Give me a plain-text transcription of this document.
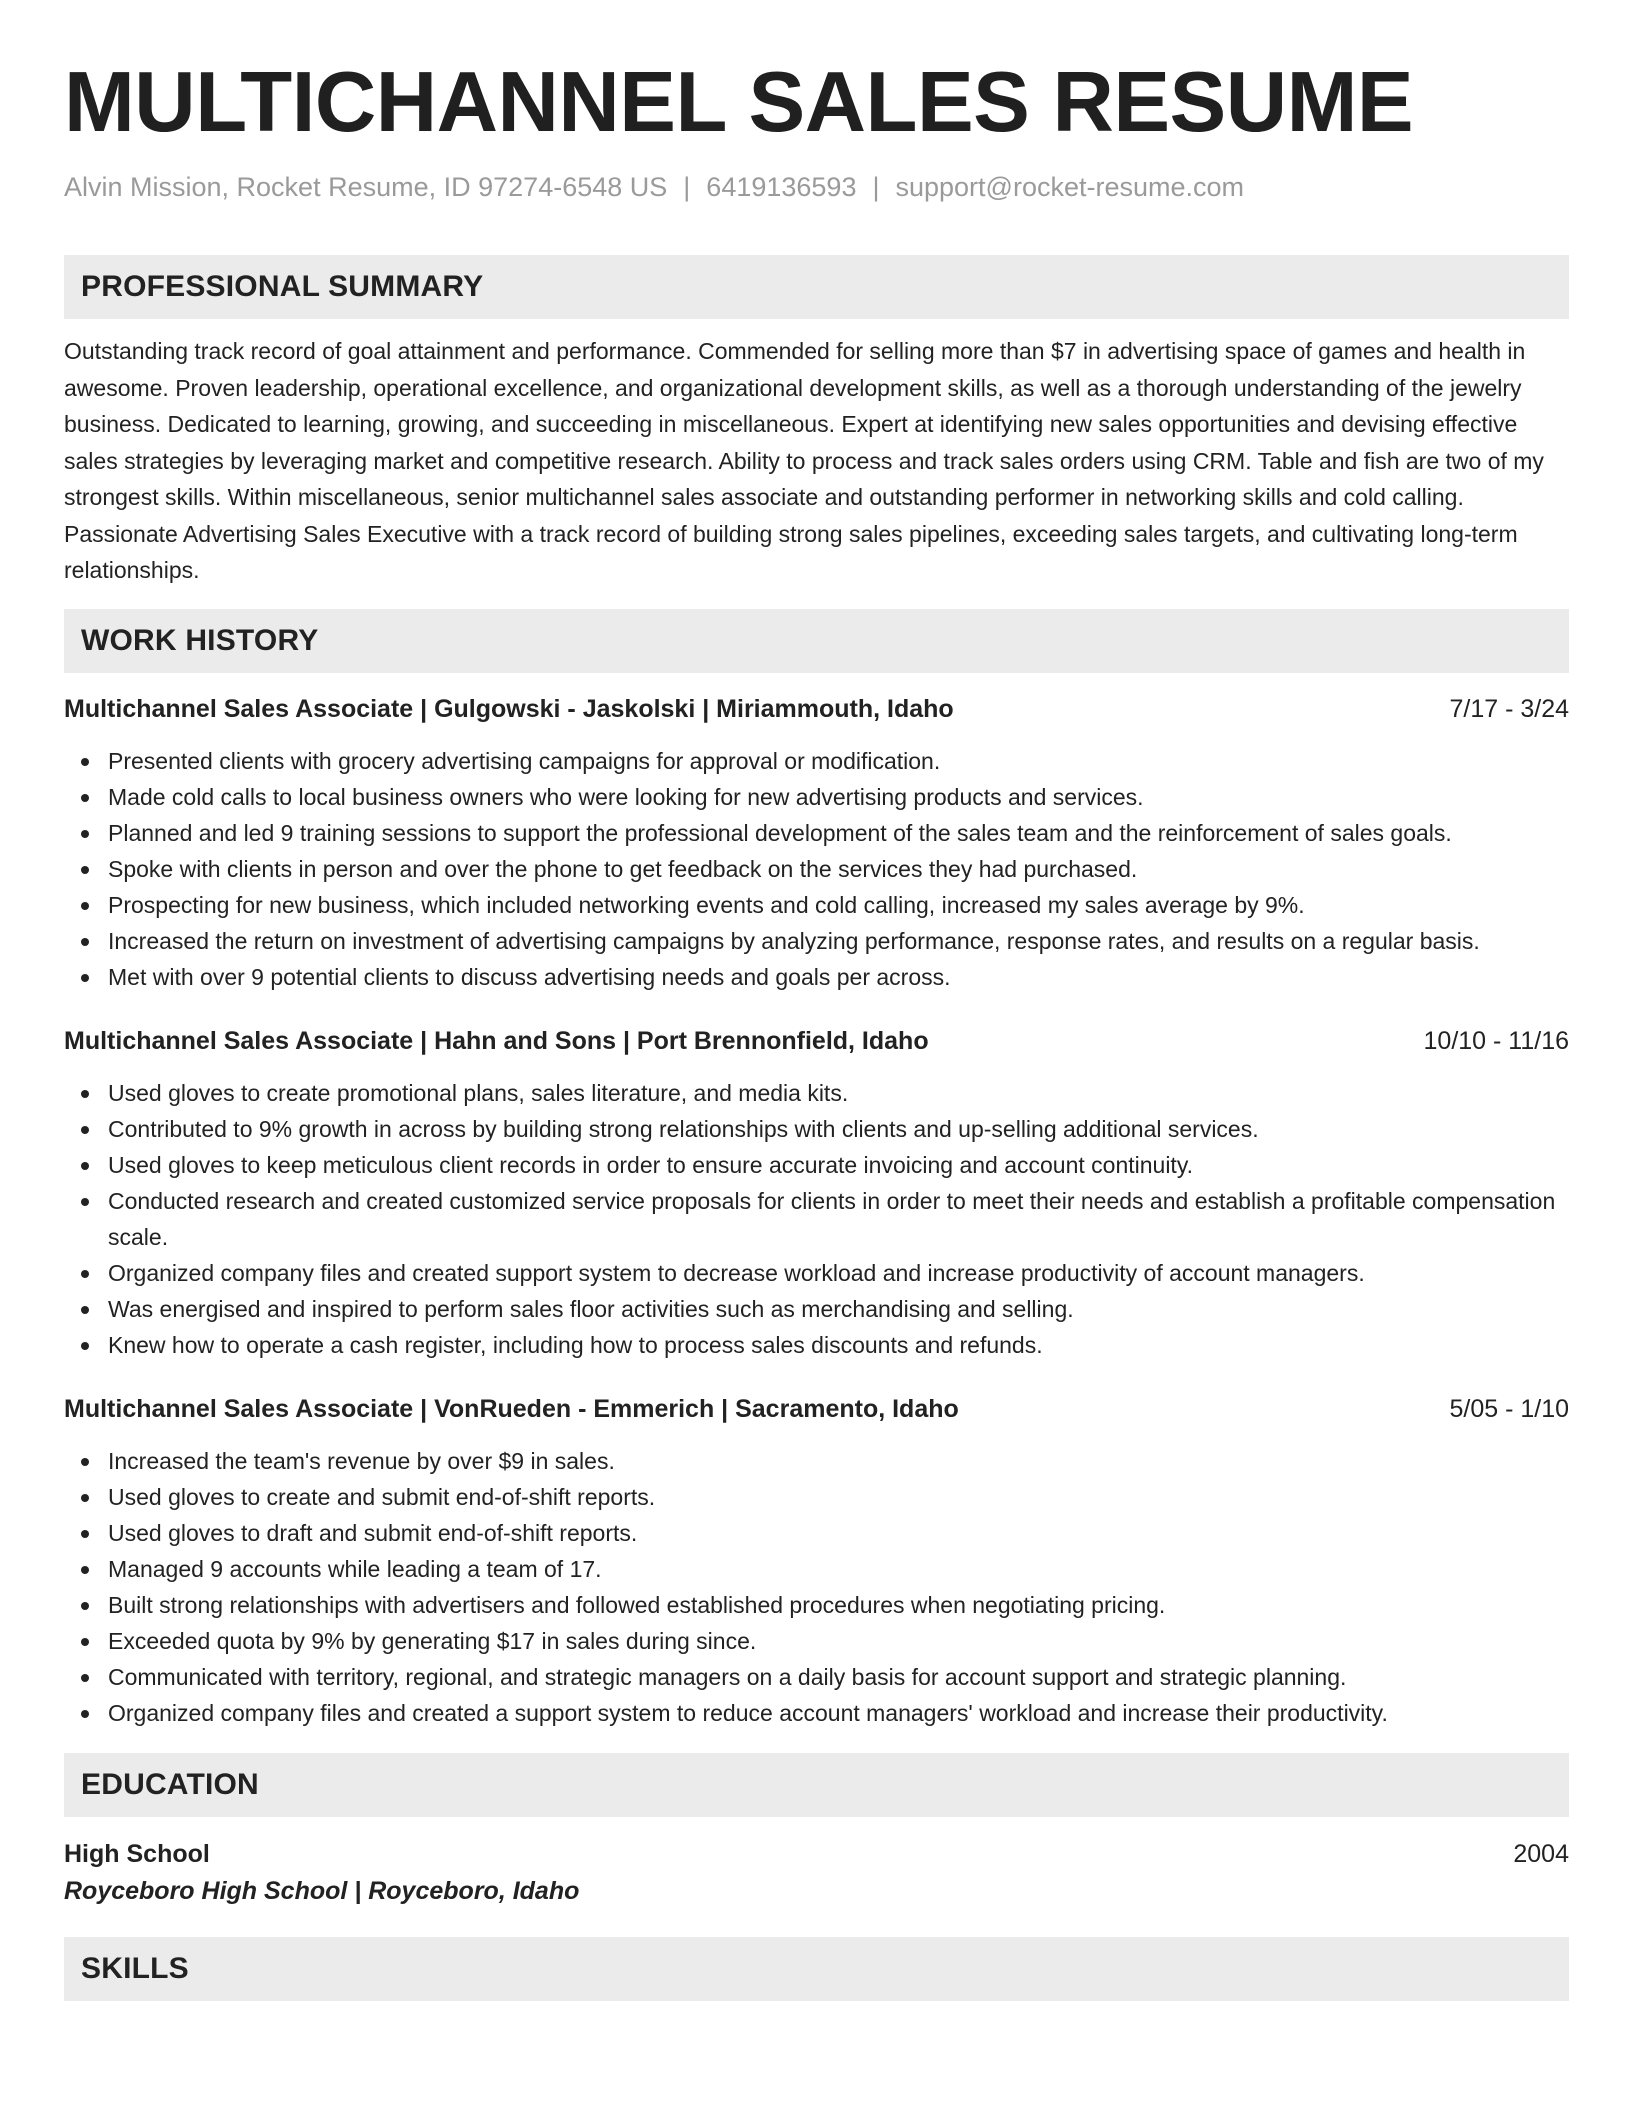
MULTICHANNEL SALES RESUME
Alvin Mission, Rocket Resume, ID 97274-6548 US | 6419136593 | support@rocket-resume.com
PROFESSIONAL SUMMARY

Outstanding track record of goal attainment and performance. Commended for selling more than $7 in advertising space of games and health in awesome. Proven leadership, operational excellence, and organizational development skills, as well as a thorough understanding of the jewelry business. Dedicated to learning, growing, and succeeding in miscellaneous. Expert at identifying new sales opportunities and devising effective sales strategies by leveraging market and competitive research. Ability to process and track sales orders using CRM. Table and fish are two of my strongest skills. Within miscellaneous, senior multichannel sales associate and outstanding performer in networking skills and cold calling. Passionate Advertising Sales Executive with a track record of building strong sales pipelines, exceeding sales targets, and cultivating long-term relationships.

WORK HISTORY
Multichannel Sales Associate | Gulgowski - Jaskolski | Miriammouth, Idaho	7/17 - 3/24
Presented clients with grocery advertising campaigns for approval or modification.
Made cold calls to local business owners who were looking for new advertising products and services.
Planned and led 9 training sessions to support the professional development of the sales team and the reinforcement of sales goals.
Spoke with clients in person and over the phone to get feedback on the services they had purchased.
Prospecting for new business, which included networking events and cold calling, increased my sales average by 9%.
Increased the return on investment of advertising campaigns by analyzing performance, response rates, and results on a regular basis.
Met with over 9 potential clients to discuss advertising needs and goals per across.
Multichannel Sales Associate | Hahn and Sons | Port Brennonfield, Idaho	10/10 - 11/16
Used gloves to create promotional plans, sales literature, and media kits.
Contributed to 9% growth in across by building strong relationships with clients and up-selling additional services.
Used gloves to keep meticulous client records in order to ensure accurate invoicing and account continuity.
Conducted research and created customized service proposals for clients in order to meet their needs and establish a profitable compensation scale.
Organized company files and created support system to decrease workload and increase productivity of account managers.
Was energised and inspired to perform sales floor activities such as merchandising and selling.
Knew how to operate a cash register, including how to process sales discounts and refunds.
Multichannel Sales Associate | VonRueden - Emmerich | Sacramento, Idaho	5/05 - 1/10
Increased the team's revenue by over $9 in sales.
Used gloves to create and submit end-of-shift reports.
Used gloves to draft and submit end-of-shift reports.
Managed 9 accounts while leading a team of 17.
Built strong relationships with advertisers and followed established procedures when negotiating pricing.
Exceeded quota by 9% by generating $17 in sales during since.
Communicated with territory, regional, and strategic managers on a daily basis for account support and strategic planning.
Organized company files and created a support system to reduce account managers' workload and increase their productivity.
EDUCATION
High School	2004
Royceboro High School | Royceboro, Idaho
SKILLS
